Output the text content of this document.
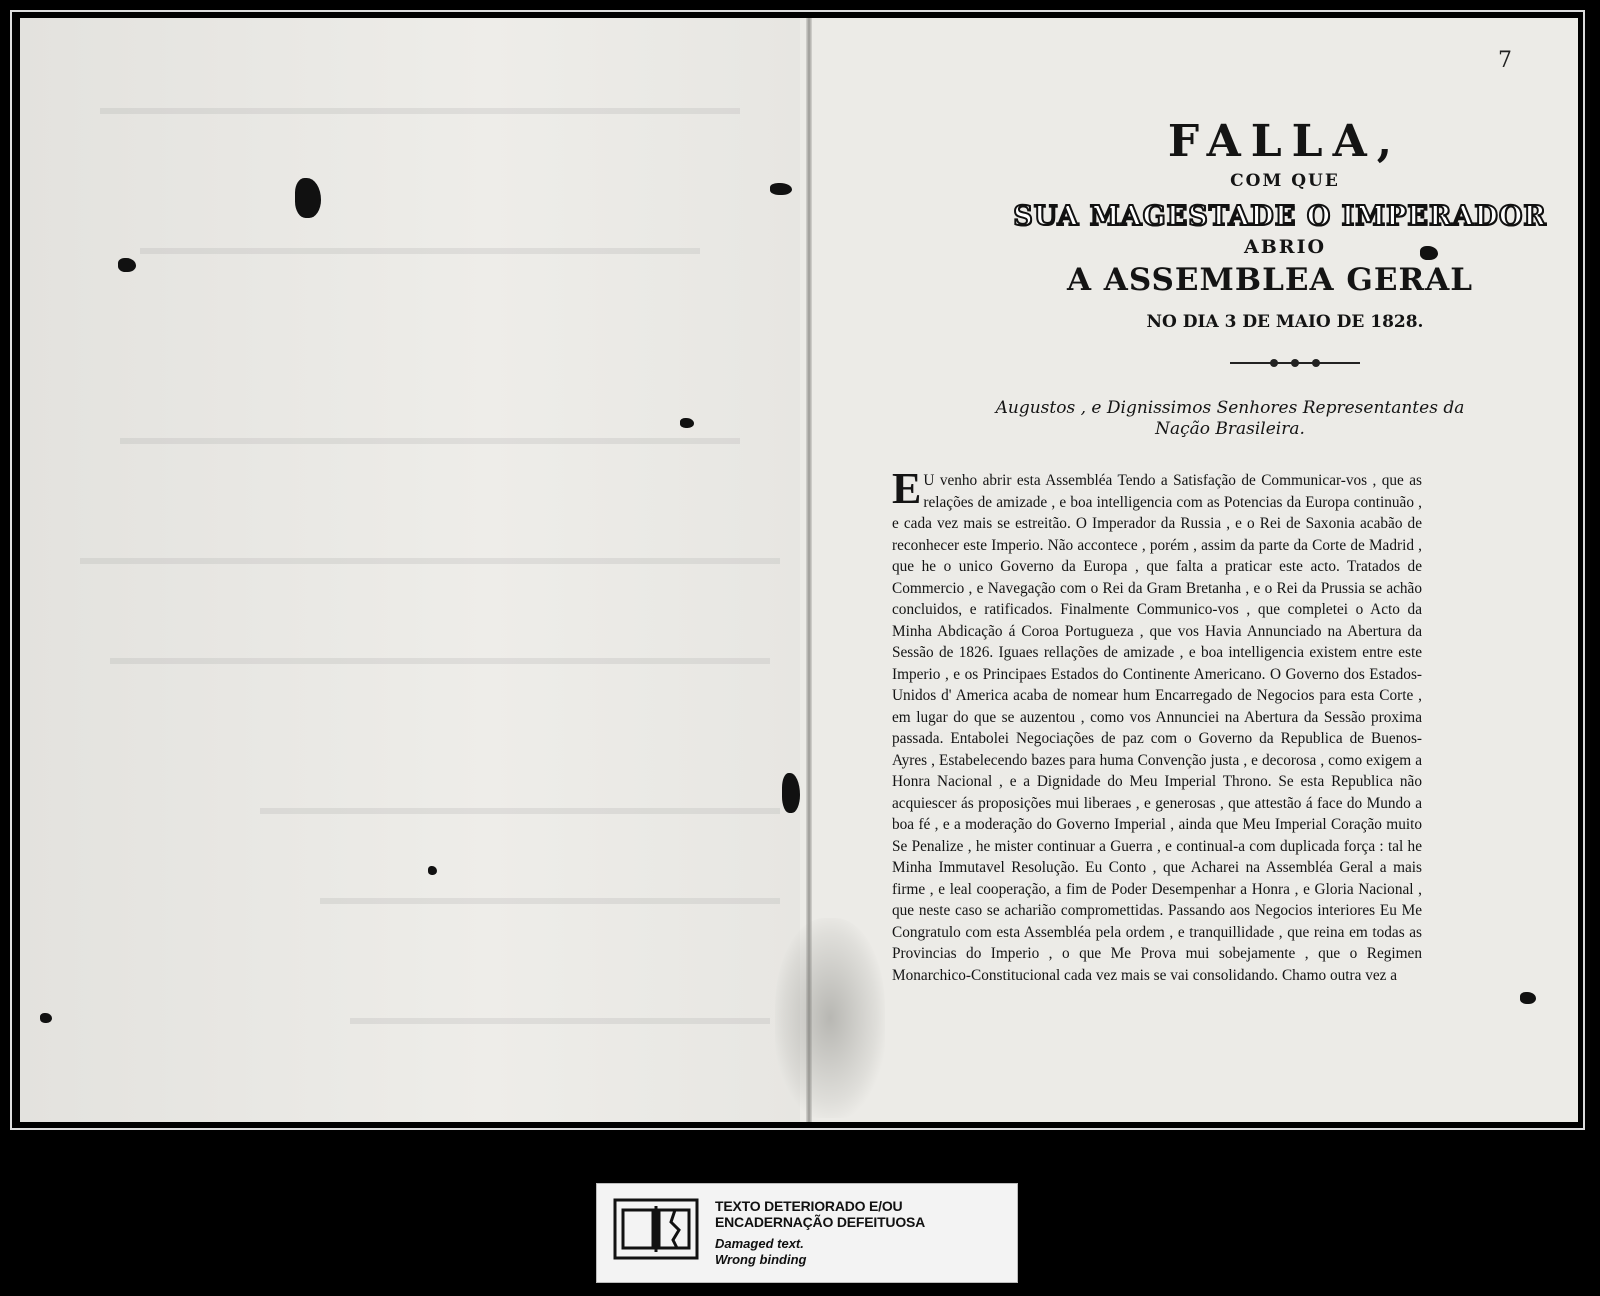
7
FALLA,
COM QUE
SUA MAGESTADE O IMPERADOR
ABRIO
A ASSEMBLEA GERAL
NO DIA 3 DE MAIO DE 1828.
Augustos , e Dignissimos Senhores Representantes da
Nação Brasileira.
E U venho abrir esta Assembléa Tendo a Satisfação de Communicar-vos , que as relações de amizade , e boa intelligencia com as Potencias da Europa continuão , e cada vez mais se estreitão. O Imperador da Russia , e o Rei de Saxonia acabão de reconhecer este Imperio. Não accontece , porém , assim da parte da Corte de Madrid , que he o unico Governo da Europa , que falta a praticar este acto. Tratados de Commercio , e Navegação com o Rei da Gram Bretanha , e o Rei da Prussia se achão concluidos, e ratificados. Finalmente Communico-vos , que completei o Acto da Minha Abdicação á Coroa Portugueza , que vos Havia Annunciado na Abertura da Sessão de 1826. Iguaes rellações de amizade , e boa intelligencia existem entre este Imperio , e os Principaes Estados do Continente Americano. O Governo dos Estados-Unidos d' America acaba de nomear hum Encarregado de Negocios para esta Corte , em lugar do que se auzentou , como vos Annunciei na Abertura da Sessão proxima passada. Entabolei Negociações de paz com o Governo da Republica de Buenos-Ayres , Estabelecendo bazes para huma Convenção justa , e decorosa , como exigem a Honra Nacional , e a Dignidade do Meu Imperial Throno. Se esta Republica não acquiescer ás proposições mui liberaes , e generosas , que attestão á face do Mundo a boa fé , e a moderação do Governo Imperial , ainda que Meu Imperial Coração muito Se Penalize , he mister continuar a Guerra , e continual-a com duplicada força : tal he Minha Immutavel Resolução. Eu Conto , que Acharei na Assembléa Geral a mais firme , e leal cooperação, a fim de Poder Desempenhar a Honra , e Gloria Nacional , que neste caso se acharião compromettidas. Passando aos Negocios interiores Eu Me Congratulo com esta Assembléa pela ordem , e tranquillidade , que reina em todas as Provincias do Imperio , o que Me Prova mui sobejamente , que o Regimen Monarchico-Constitucional cada vez mais se vai consolidando. Chamo outra vez a
TEXTO DETERIORADO E/OU
ENCADERNAÇÃO DEFEITUOSA
Damaged text.
Wrong binding
